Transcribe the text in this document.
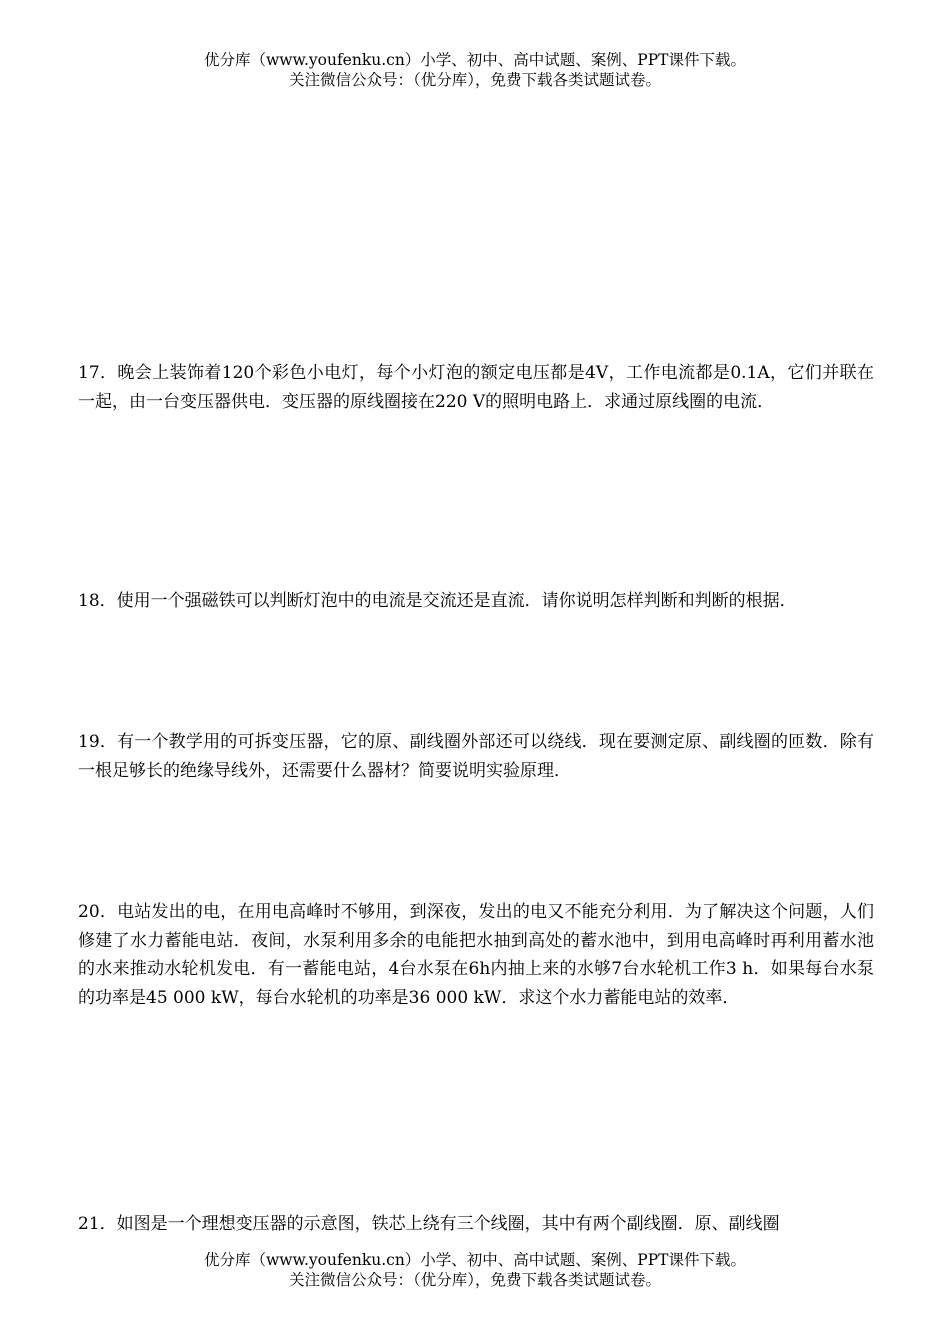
优分库（www.youfenku.cn）小学、初中、高中试题、案例、PPT课件下载。
关注微信公众号：（优分库），免费下载各类试题试卷。
17．晚会上装饰着120个彩色小电灯，每个小灯泡的额定电压都是4V，工作电流都是0.1A，它们并联在一起，由一台变压器供电．变压器的原线圈接在220 V的照明电路上．求通过原线圈的电流．
18．使用一个强磁铁可以判断灯泡中的电流是交流还是直流．请你说明怎样判断和判断的根据．
19．有一个教学用的可拆变压器，它的原、副线圈外部还可以绕线．现在要测定原、副线圈的匝数．除有一根足够长的绝缘导线外，还需要什么器材？简要说明实验原理．
20．电站发出的电，在用电高峰时不够用，到深夜，发出的电又不能充分利用．为了解决这个问题，人们修建了水力蓄能电站．夜间，水泵利用多余的电能把水抽到高处的蓄水池中，到用电高峰时再利用蓄水池的水来推动水轮机发电．有一蓄能电站，4台水泵在6h内抽上来的水够7台水轮机工作3 h．如果每台水泵的功率是45 000 kW，每台水轮机的功率是36 000 kW．求这个水力蓄能电站的效率．
21．如图是一个理想变压器的示意图，铁芯上绕有三个线圈，其中有两个副线圈．原、副线圈
优分库（www.youfenku.cn）小学、初中、高中试题、案例、PPT课件下载。
关注微信公众号：（优分库），免费下载各类试题试卷。
